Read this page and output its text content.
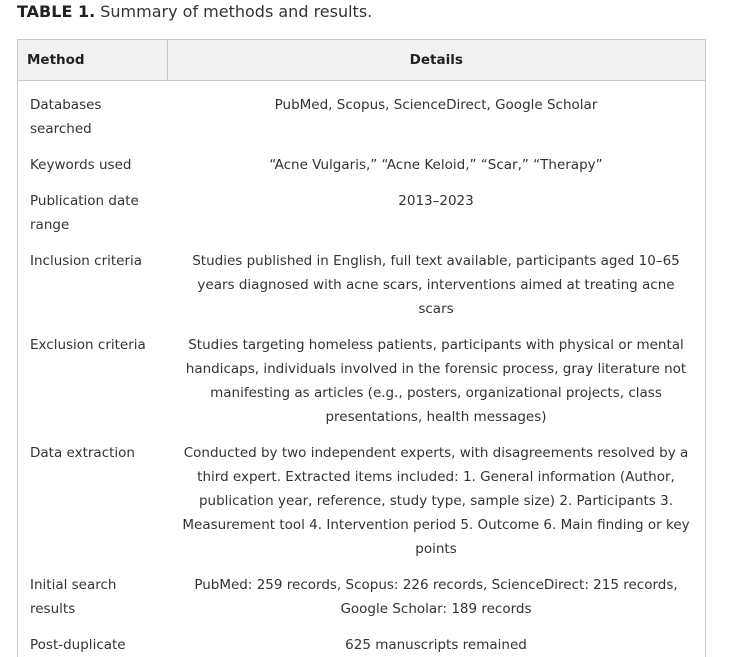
TABLE 1. Summary of methods and results.
Method	Details
Databases searched	PubMed, Scopus, ScienceDirect, Google Scholar
Keywords used	“Acne Vulgaris,” “Acne Keloid,” “Scar,” “Therapy”
Publication date range	2013–2023
Inclusion criteria	Studies published in English, full text available, participants aged 10–65 years diagnosed with acne scars, interventions aimed at treating acne scars
Exclusion criteria	Studies targeting homeless patients, participants with physical or mental handicaps, individuals involved in the forensic process, gray literature not manifesting as articles (e.g., posters, organizational projects, class presentations, health messages)
Data extraction	Conducted by two independent experts, with disagreements resolved by a third expert. Extracted items included: 1. General information (Author, publication year, reference, study type, sample size) 2. Participants 3. Measurement tool 4. Intervention period 5. Outcome 6. Main finding or key points
Initial search results	PubMed: 259 records, Scopus: 226 records, ScienceDirect: 215 records, Google Scholar: 189 records
Post-duplicate	625 manuscripts remained
